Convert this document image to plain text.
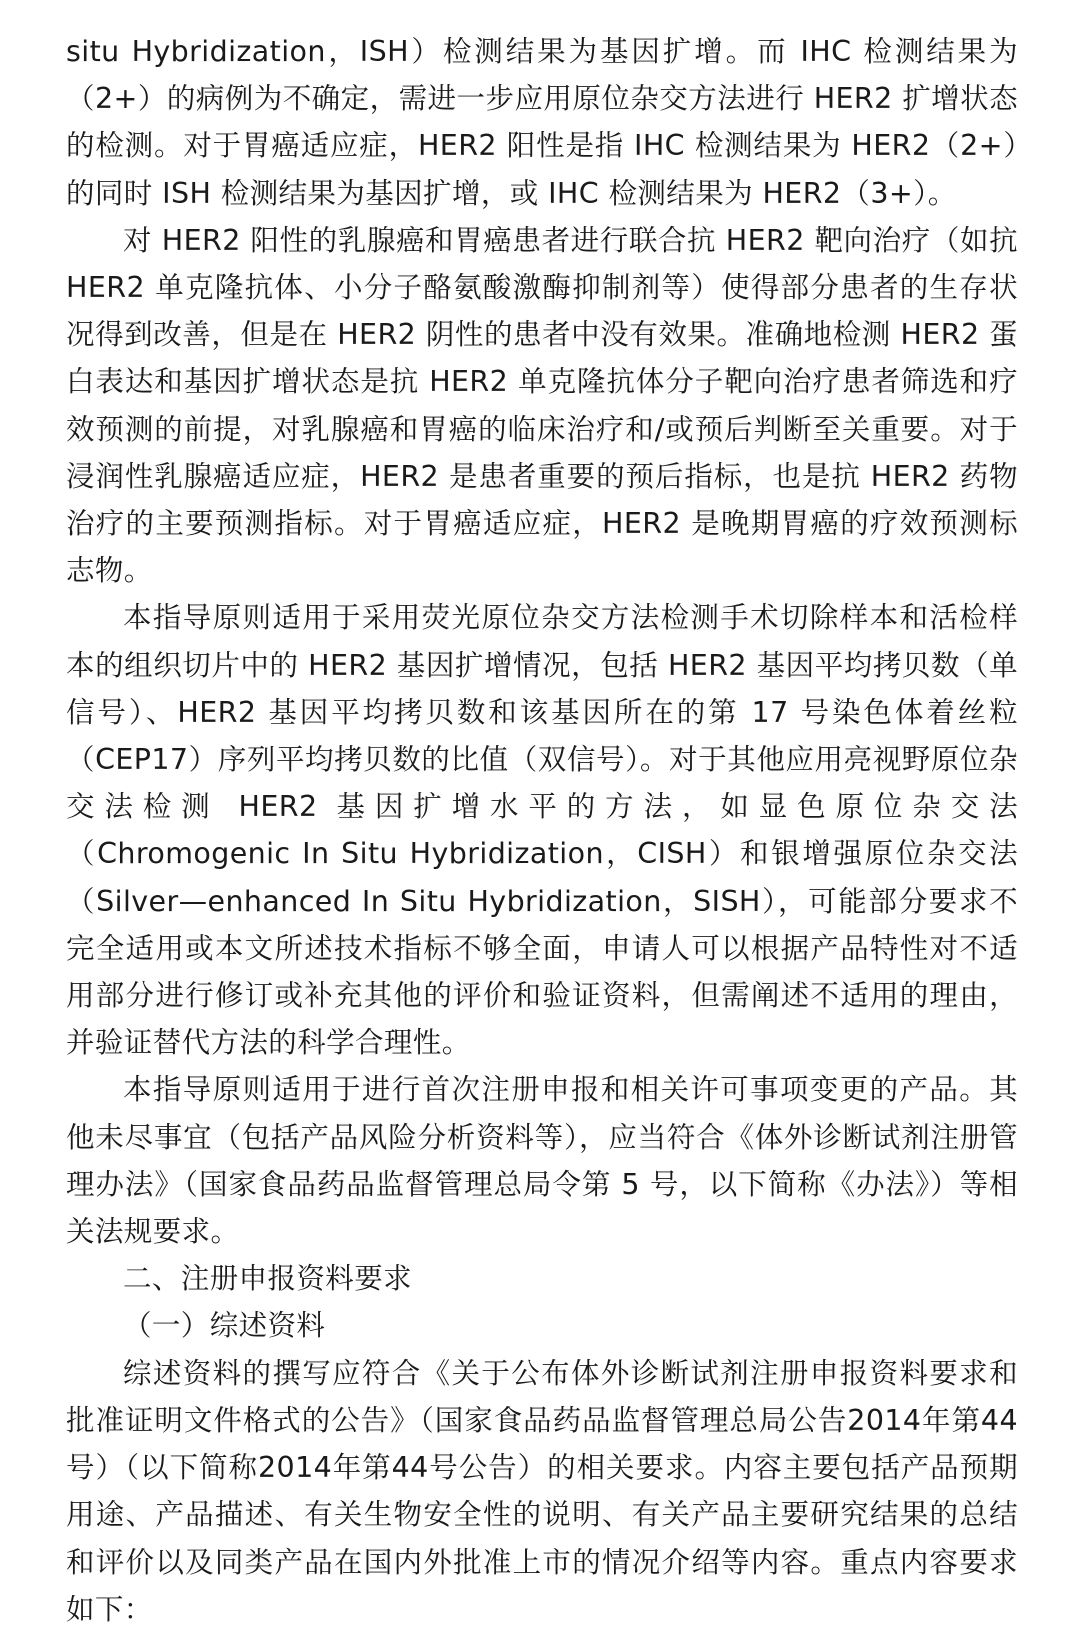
situ Hybridization，ISH）检测结果为基因扩增。而 IHC 检测结果为（2+）的病例为不确定，需进一步应用原位杂交方法进行 HER2 扩增状态的检测。对于胃癌适应症，HER2 阳性是指 IHC 检测结果为 HER2（2+）的同时 ISH 检测结果为基因扩增，或 IHC 检测结果为 HER2（3+）。

对 HER2 阳性的乳腺癌和胃癌患者进行联合抗 HER2 靶向治疗（如抗 HER2 单克隆抗体、小分子酪氨酸激酶抑制剂等）使得部分患者的生存状况得到改善，但是在 HER2 阴性的患者中没有效果。准确地检测 HER2 蛋白表达和基因扩增状态是抗 HER2 单克隆抗体分子靶向治疗患者筛选和疗效预测的前提，对乳腺癌和胃癌的临床治疗和/或预后判断至关重要。对于浸润性乳腺癌适应症，HER2 是患者重要的预后指标，也是抗 HER2 药物治疗的主要预测指标。对于胃癌适应症，HER2 是晚期胃癌的疗效预测标志物。

本指导原则适用于采用荧光原位杂交方法检测手术切除样本和活检样本的组织切片中的 HER2 基因扩增情况，包括 HER2 基因平均拷贝数（单信号）、HER2 基因平均拷贝数和该基因所在的第 17 号染色体着丝粒（CEP17）序列平均拷贝数的比值（双信号）。对于其他应用亮视野原位杂交法检测 HER2 基因扩增水平的方法，如显色原位杂交法（Chromogenic In Situ Hybridization，CISH）和银增强原位杂交法（Silver—enhanced In Situ Hybridization，SISH），可能部分要求不完全适用或本文所述技术指标不够全面，申请人可以根据产品特性对不适用部分进行修订或补充其他的评价和验证资料，但需阐述不适用的理由，并验证替代方法的科学合理性。

本指导原则适用于进行首次注册申报和相关许可事项变更的产品。其他未尽事宜（包括产品风险分析资料等），应当符合《体外诊断试剂注册管理办法》（国家食品药品监督管理总局令第 5 号，以下简称《办法》）等相关法规要求。

二、注册申报资料要求

（一）综述资料

综述资料的撰写应符合《关于公布体外诊断试剂注册申报资料要求和批准证明文件格式的公告》（国家食品药品监督管理总局公告2014年第44号）（以下简称2014年第44号公告）的相关要求。内容主要包括产品预期用途、产品描述、有关生物安全性的说明、有关产品主要研究结果的总结和评价以及同类产品在国内外批准上市的情况介绍等内容。重点内容要求如下：
